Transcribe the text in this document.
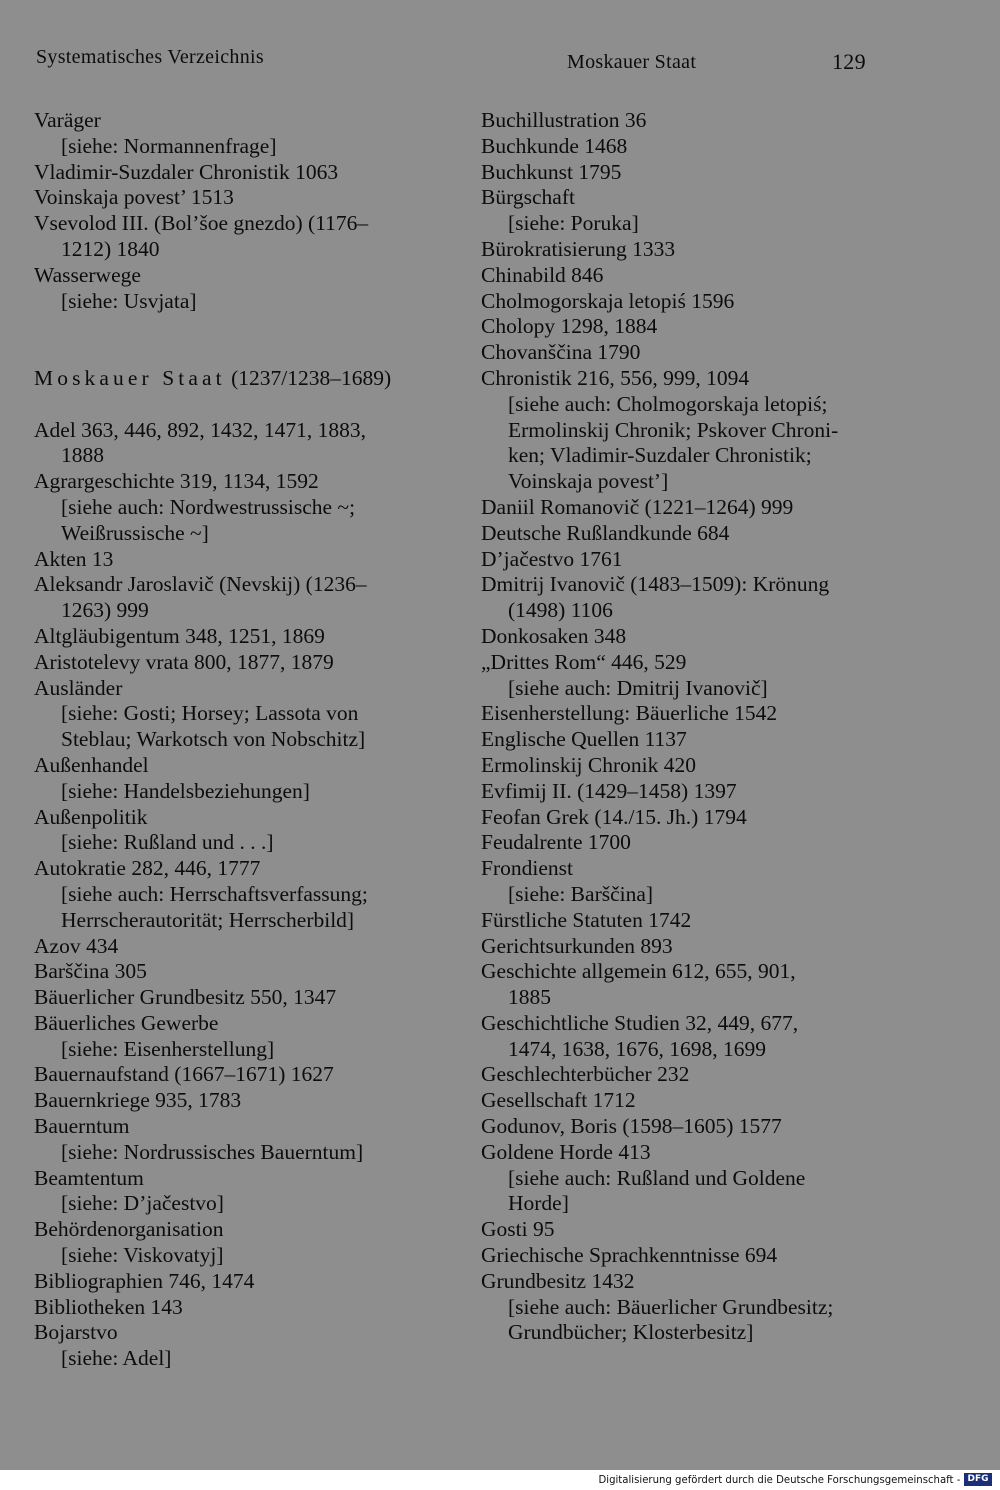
Systematisches Verzeichnis	Moskauer Staat	129
Varäger
[siehe: Normannenfrage]
Vladimir-Suzdaler Chronistik 1063
Voinskaja povest’ 1513
Vsevolod III. (Bol’šoe gnezdo) (1176–
1212) 1840
Wasserwege
[siehe: Usvjata]
Moskauer Staat (1237/1238–1689)
Adel 363, 446, 892, 1432, 1471, 1883,
1888
Agrargeschichte 319, 1134, 1592
[siehe auch: Nordwestrussische ~;
Weißrussische ~]
Akten 13
Aleksandr Jaroslavič (Nevskij) (1236–
1263) 999
Altgläubigentum 348, 1251, 1869
Aristotelevy vrata 800, 1877, 1879
Ausländer
[siehe: Gosti; Horsey; Lassota von
Steblau; Warkotsch von Nobschitz]
Außenhandel
[siehe: Handelsbeziehungen]
Außenpolitik
[siehe: Rußland und . . .]
Autokratie 282, 446, 1777
[siehe auch: Herrschaftsverfassung;
Herrscherautorität; Herrscherbild]
Azov 434
Barščina 305
Bäuerlicher Grundbesitz 550, 1347
Bäuerliches Gewerbe
[siehe: Eisenherstellung]
Bauernaufstand (1667–1671) 1627
Bauernkriege 935, 1783
Bauerntum
[siehe: Nordrussisches Bauerntum]
Beamtentum
[siehe: D’jačestvo]
Behördenorganisation
[siehe: Viskovatyj]
Bibliographien 746, 1474
Bibliotheken 143
Bojarstvo
[siehe: Adel]
Buchillustration 36
Buchkunde 1468
Buchkunst 1795
Bürgschaft
[siehe: Poruka]
Bürokratisierung 1333
Chinabild 846
Cholmogorskaja letopiś 1596
Cholopy 1298, 1884
Chovanščina 1790
Chronistik 216, 556, 999, 1094
[siehe auch: Cholmogorskaja letopiś;
Ermolinskij Chronik; Pskover Chroni-
ken; Vladimir-Suzdaler Chronistik;
Voinskaja povest’]
Daniil Romanovič (1221–1264) 999
Deutsche Rußlandkunde 684
D’jačestvo 1761
Dmitrij Ivanovič (1483–1509): Krönung
(1498) 1106
Donkosaken 348
„Drittes Rom“ 446, 529
[siehe auch: Dmitrij Ivanovič]
Eisenherstellung: Bäuerliche 1542
Englische Quellen 1137
Ermolinskij Chronik 420
Evfimij II. (1429–1458) 1397
Feofan Grek (14./15. Jh.) 1794
Feudalrente 1700
Frondienst
[siehe: Barščina]
Fürstliche Statuten 1742
Gerichtsurkunden 893
Geschichte allgemein 612, 655, 901,
1885
Geschichtliche Studien 32, 449, 677,
1474, 1638, 1676, 1698, 1699
Geschlechterbücher 232
Gesellschaft 1712
Godunov, Boris (1598–1605) 1577
Goldene Horde 413
[siehe auch: Rußland und Goldene
Horde]
Gosti 95
Griechische Sprachkenntnisse 694
Grundbesitz 1432
[siehe auch: Bäuerlicher Grundbesitz;
Grundbücher; Klosterbesitz]
Digitalisierung gefördert durch die Deutsche Forschungsgemeinschaft - DFG
